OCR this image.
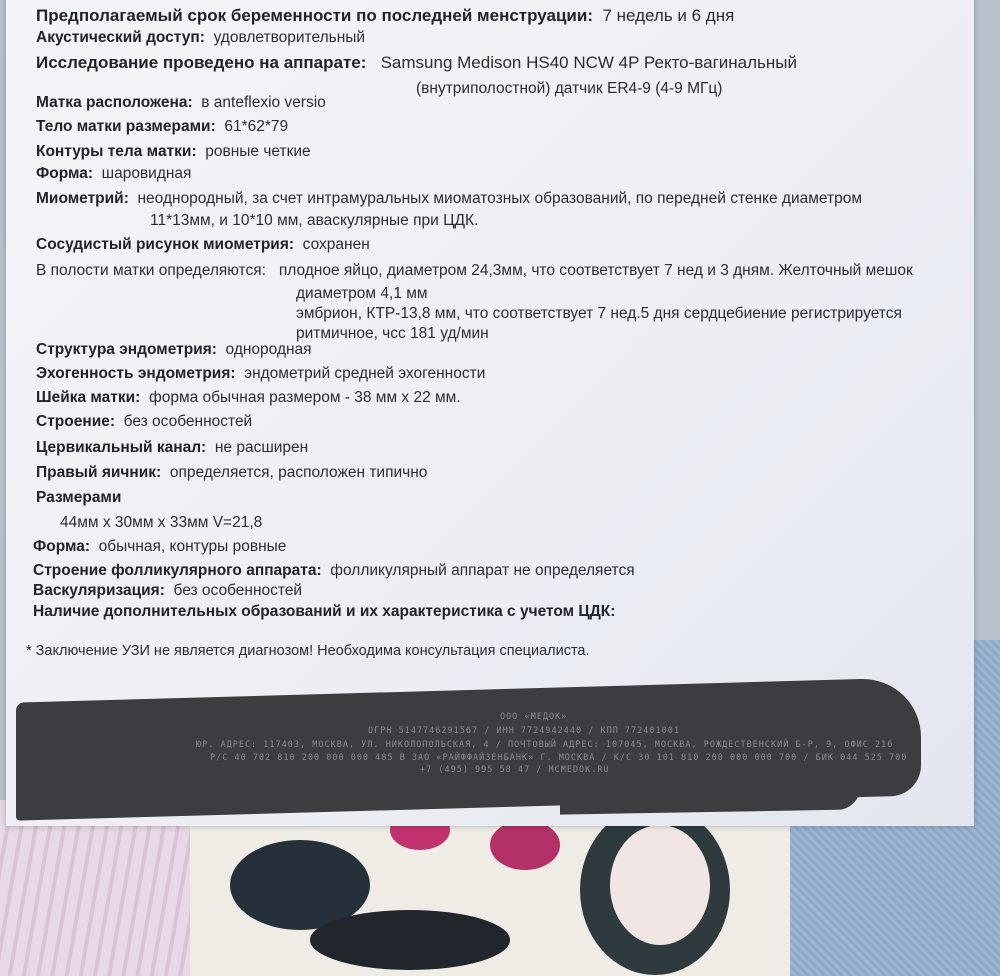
Предполагаемый срок беременности по последней менструации: 7 недель и 6 дня
Акустический доступ: удовлетворительный
Исследование проведено на аппарате: Samsung Medison HS40 NCW 4P Ректо-вагинальный
(внутриполостной) датчик ER4-9 (4-9 МГц)
Матка расположена: в anteflexio versio
Тело матки размерами: 61*62*79
Контуры тела матки: ровные четкие
Форма: шаровидная
Миометрий: неоднородный, за счет интрамуральных миоматозных образований, по передней стенке диаметром
11*13мм, и 10*10 мм, аваскулярные при ЦДК.
Сосудистый рисунок миометрия: сохранен
В полости матки определяются: плодное яйцо, диаметром 24,3мм, что соответствует 7 нед и 3 дням. Желточный мешок
диаметром 4,1 мм
эмбрион, КТР-13,8 мм, что соответствует 7 нед.5 дня сердцебиение регистрируется
ритмичное, чсс 181 уд/мин
Структура эндометрия: однородная
Эхогенность эндометрия: эндометрий средней эхогенности
Шейка матки: форма обычная размером - 38 мм х 22 мм.
Строение: без особенностей
Цервикальный канал: не расширен
Правый яичник: определяется, расположен типично
Размерами
44мм х 30мм х 33мм V=21,8
Форма: обычная, контуры ровные
Строение фолликулярного аппарата: фолликулярный аппарат не определяется
Васкуляризация: без особенностей
Наличие дополнительных образований и их характеристика с учетом ЦДК:
* Заключение УЗИ не является диагнозом! Необходима консультация специалиста.
ООО «МЕДОК»
ОГРН 5147746291567 / ИНН 7724942440 / КПП 772401001
ЮР. АДРЕС: 117403, МОСКВА, УЛ. НИКОЛОПОЛЬСКАЯ, 4 / ПОЧТОВЫЙ АДРЕС: 107045, МОСКВА, РОЖДЕСТВЕНСКИЙ Б-Р, 9, ОФИС 216
Р/С 40 702 810 200 000 000 485 В ЗАО «РАЙФФАЙЗЕНБАНК» Г. МОСКВА / К/С 30 101 810 200 000 000 700 / БИК 044 525 700
+7 (495) 995 58 47 / MCMEDOK.RU
